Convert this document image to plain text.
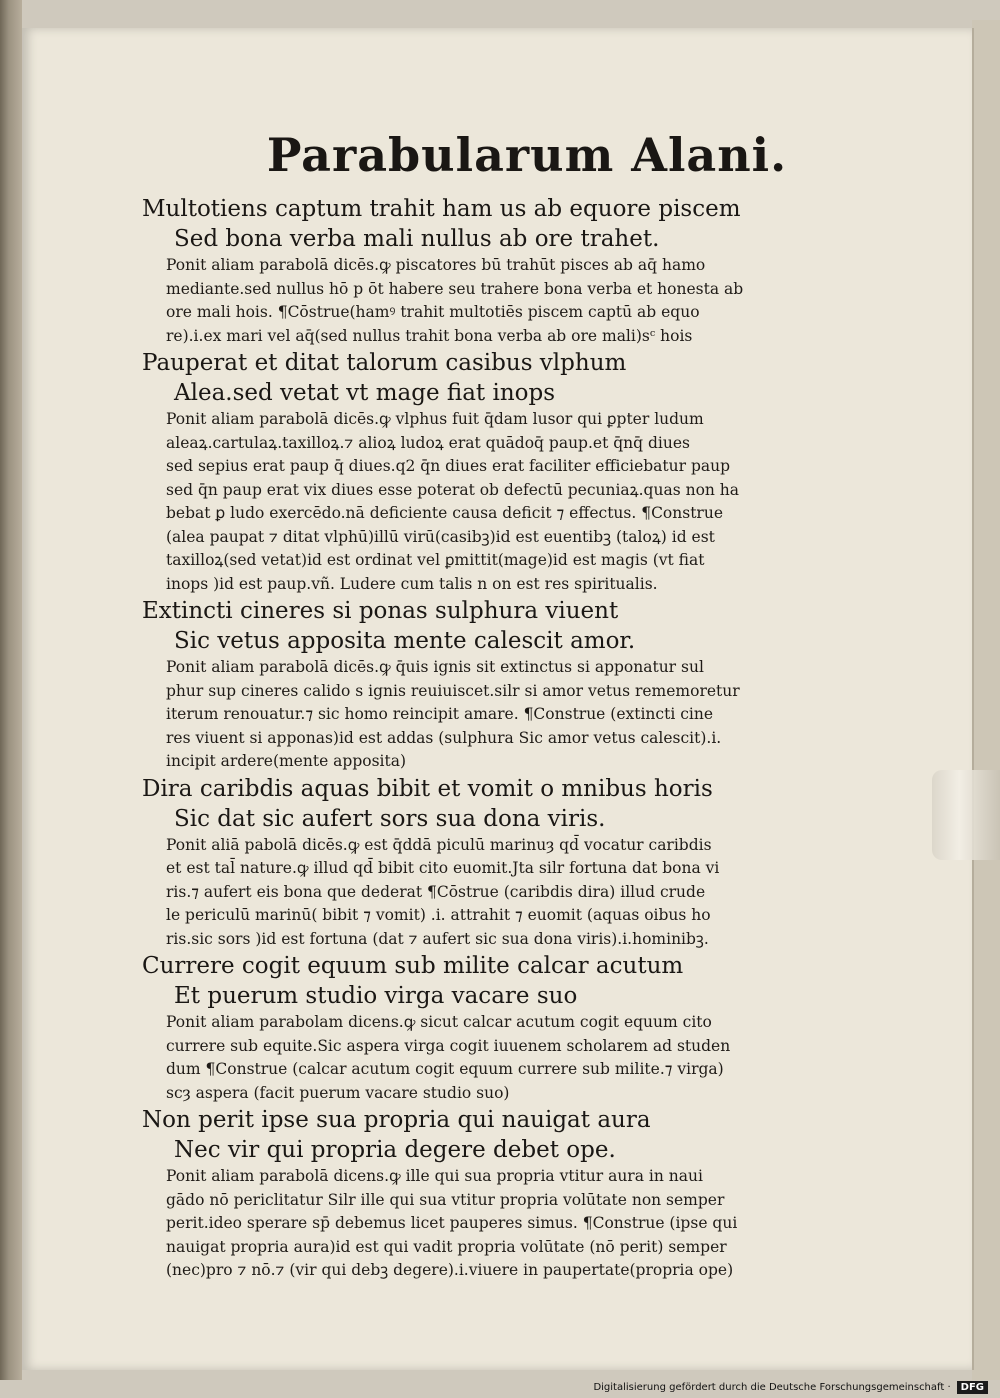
Parabularum Alani.
Multotiens captum trahit ham us ab equore piscem
Sed bona verba mali nullus ab ore trahet.
Ponit aliam parabolā dicēs.ꝙ piscatores bū trahūt pisces ab aq̄ hamo
mediante.sed nullus hō p ōt habere seu trahere bona verba et honesta ab
ore mali hois. ¶Cōstrue(hamꝰ trahit multotiēs piscem captū ab equo
re).i.ex mari vel aq̄(sed nullus trahit bona verba ab ore mali)sᶜ hois
Pauperat et ditat talorum casibus vlphum
Alea.sed vetat vt mage fiat inops
Ponit aliam parabolā dicēs.ꝙ vlphus fuit q̄dam lusor qui ꝑpter ludum
aleaꝝ.cartulaꝝ.taxilloꝝ.⁊ alioꝝ ludoꝝ erat quādoq̄ paup.et q̄nq̄ diues
sed sepius erat paup q̄ diues.q2 q̄n diues erat faciliter efficiebatur paup
sed q̄n paup erat vix diues esse poterat ob defectū pecuniaꝝ.quas non ha
bebat ꝑ ludo exercēdo.nā deficiente causa deficit ⁊ effectus. ¶Construe
(alea paupat ⁊ ditat vlphū)illū virū(casibꝫ)id est euentibꝫ (taloꝝ) id est
taxilloꝝ(sed vetat)id est ordinat vel ꝑmittit(mage)id est magis (vt fiat
inops )id est paup.vñ. Ludere cum talis n on est res spiritualis.
Extincti cineres si ponas sulphura viuent
Sic vetus apposita mente calescit amor.
Ponit aliam parabolā dicēs.ꝙ q̄uis ignis sit extinctus si apponatur sul
phur sup cineres calido s ignis reuiuiscet.silr si amor vetus rememoretur
iterum renouatur.⁊ sic homo reincipit amare. ¶Construe (extincti cine
res viuent si apponas)id est addas (sulphura Sic amor vetus calescit).i.
incipit ardere(mente apposita)
Dira caribdis aquas bibit et vomit o mnibus horis
Sic dat sic aufert sors sua dona viris.
Ponit aliā pabolā dicēs.ꝙ est q̄ddā piculū marinuȝ qd̄ vocatur caribdis
et est tal̄ nature.ꝙ illud qd̄ bibit cito euomit.Jta silr fortuna dat bona vi
ris.⁊ aufert eis bona que dederat ¶Cōstrue (caribdis dira) illud crude
le periculū marinū( bibit ⁊ vomit) .i. attrahit ⁊ euomit (aquas oibus ho
ris.sic sors )id est fortuna (dat ⁊ aufert sic sua dona viris).i.hominibꝫ.
Currere cogit equum sub milite calcar acutum
Et puerum studio virga vacare suo
Ponit aliam parabolam dicens.ꝙ sicut calcar acutum cogit equum cito
currere sub equite.Sic aspera virga cogit iuuenem scholarem ad studen
dum ¶Construe (calcar acutum cogit equum currere sub milite.⁊ virga)
scȝ aspera (facit puerum vacare studio suo)
Non perit ipse sua propria qui nauigat aura
Nec vir qui propria degere debet ope.
Ponit aliam parabolā dicens.ꝙ ille qui sua propria vtitur aura in naui
gādo nō periclitatur Silr ille qui sua vtitur propria volūtate non semper
perit.ideo sperare sp̄ debemus licet pauperes simus. ¶Construe (ipse qui
nauigat propria aura)id est qui vadit propria volūtate (nō perit) semper
(nec)pro ⁊ nō.⁊ (vir qui debꝫ degere).i.viuere in paupertate(propria ope)
Digitalisierung gefördert durch die Deutsche Forschungsgemeinschaft ·	DFG
